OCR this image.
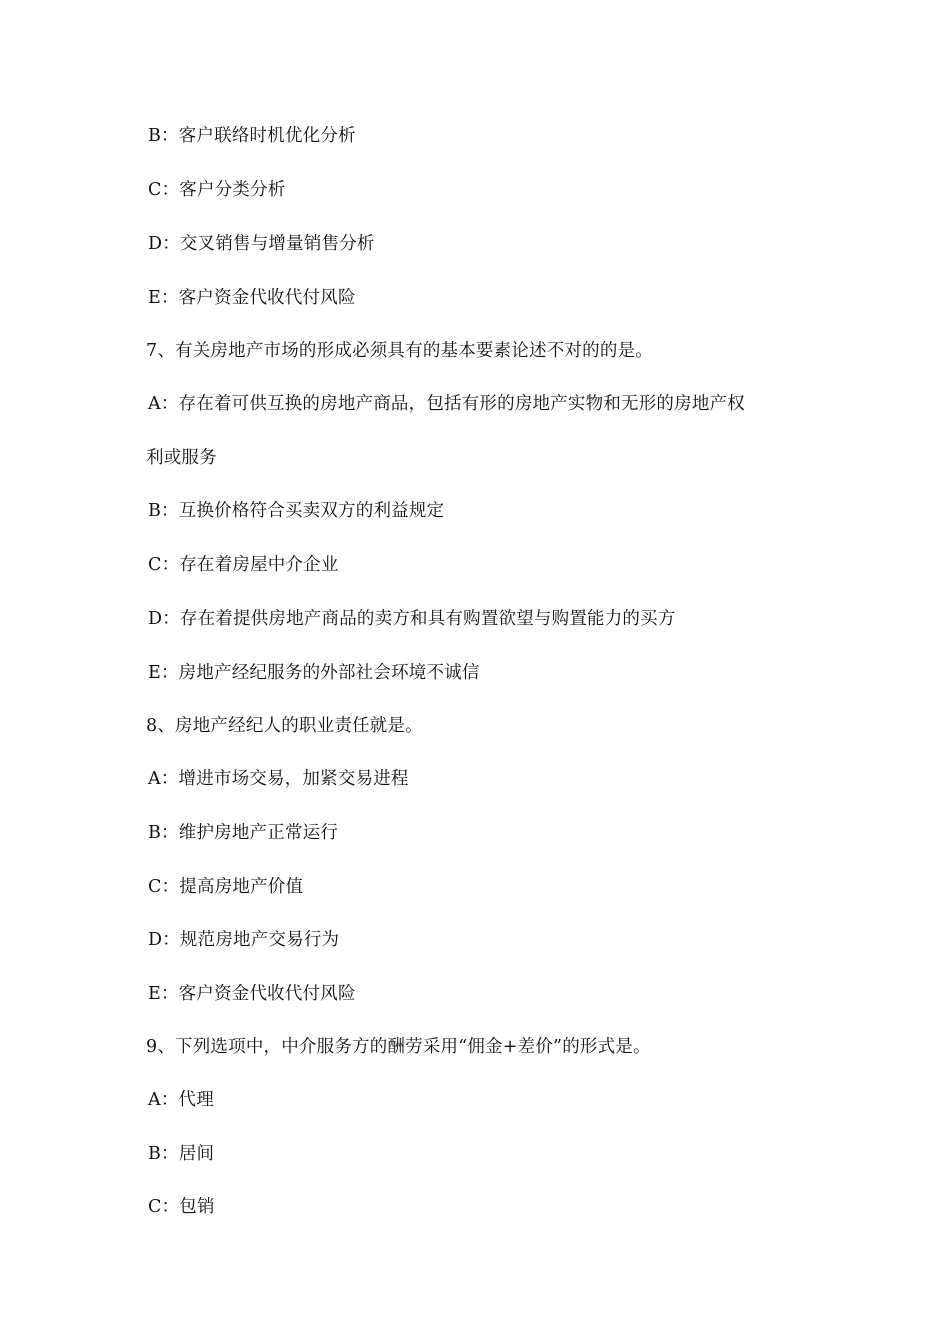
B：客户联络时机优化分析
C：客户分类分析
D：交叉销售与增量销售分析
E：客户资金代收代付风险
7、有关房地产市场的形成必须具有的基本要素论述不对的的是。
A：存在着可供互换的房地产商品，包括有形的房地产实物和无形的房地产权
利或服务
B：互换价格符合买卖双方的利益规定
C：存在着房屋中介企业
D：存在着提供房地产商品的卖方和具有购置欲望与购置能力的买方
E：房地产经纪服务的外部社会环境不诚信
8、房地产经纪人的职业责任就是。
A：增进市场交易，加紧交易进程
B：维护房地产正常运行
C：提高房地产价值
D：规范房地产交易行为
E：客户资金代收代付风险
9、下列选项中，中介服务方的酬劳采用“佣金+差价”的形式是。
A：代理
B：居间
C：包销
